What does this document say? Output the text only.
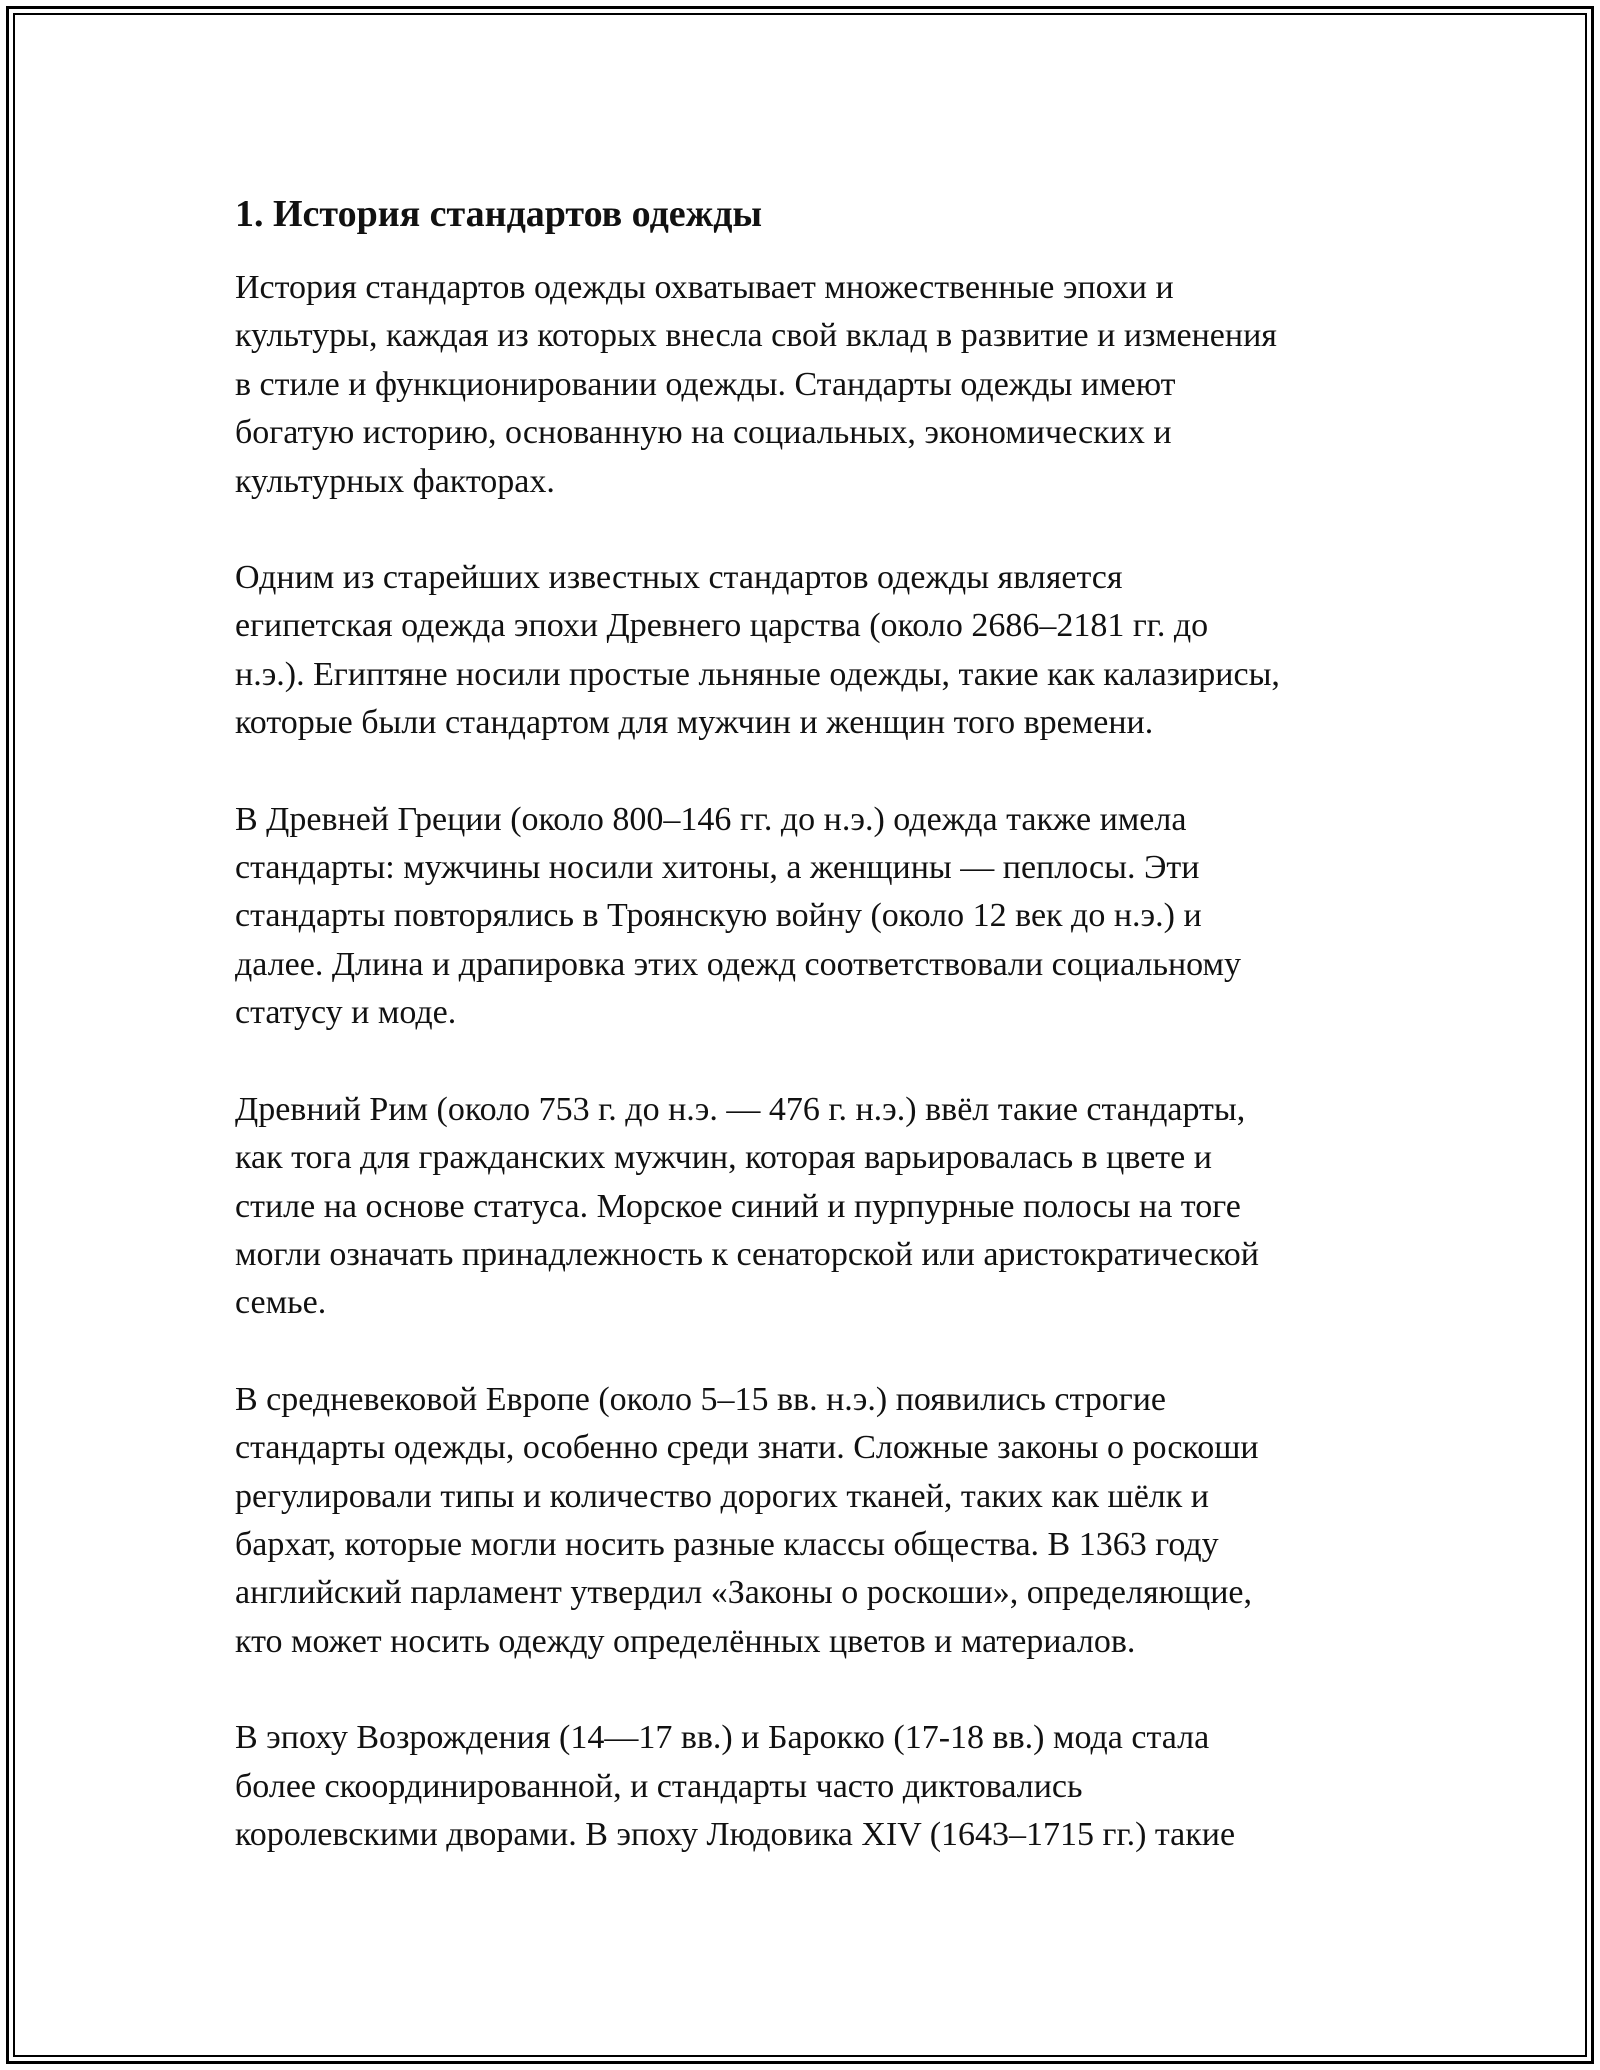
1. История стандартов одежды

История стандартов одежды охватывает множественные эпохи и
культуры, каждая из которых внесла свой вклад в развитие и изменения
в стиле и функционировании одежды. Стандарты одежды имеют
богатую историю, основанную на социальных, экономических и
культурных факторах.

Одним из старейших известных стандартов одежды является
египетская одежда эпохи Древнего царства (около 2686–2181 гг. до
н.э.). Египтяне носили простые льняные одежды, такие как калазирисы,
которые были стандартом для мужчин и женщин того времени.

В Древней Греции (около 800–146 гг. до н.э.) одежда также имела
стандарты: мужчины носили хитоны, а женщины — пеплосы. Эти
стандарты повторялись в Троянскую войну (около 12 век до н.э.) и
далее. Длина и драпировка этих одежд соответствовали социальному
статусу и моде.

Древний Рим (около 753 г. до н.э. — 476 г. н.э.) ввёл такие стандарты,
как тога для гражданских мужчин, которая варьировалась в цвете и
стиле на основе статуса. Морское синий и пурпурные полосы на тоге
могли означать принадлежность к сенаторской или аристократической
семье.

В средневековой Европе (около 5–15 вв. н.э.) появились строгие
стандарты одежды, особенно среди знати. Сложные законы о роскоши
регулировали типы и количество дорогих тканей, таких как шёлк и
бархат, которые могли носить разные классы общества. В 1363 году
английский парламент утвердил «Законы о роскоши», определяющие,
кто может носить одежду определённых цветов и материалов.

В эпоху Возрождения (14—17 вв.) и Барокко (17-18 вв.) мода стала
более скоординированной, и стандарты часто диктовались
королевскими дворами. В эпоху Людовика XIV (1643–1715 гг.) такие
